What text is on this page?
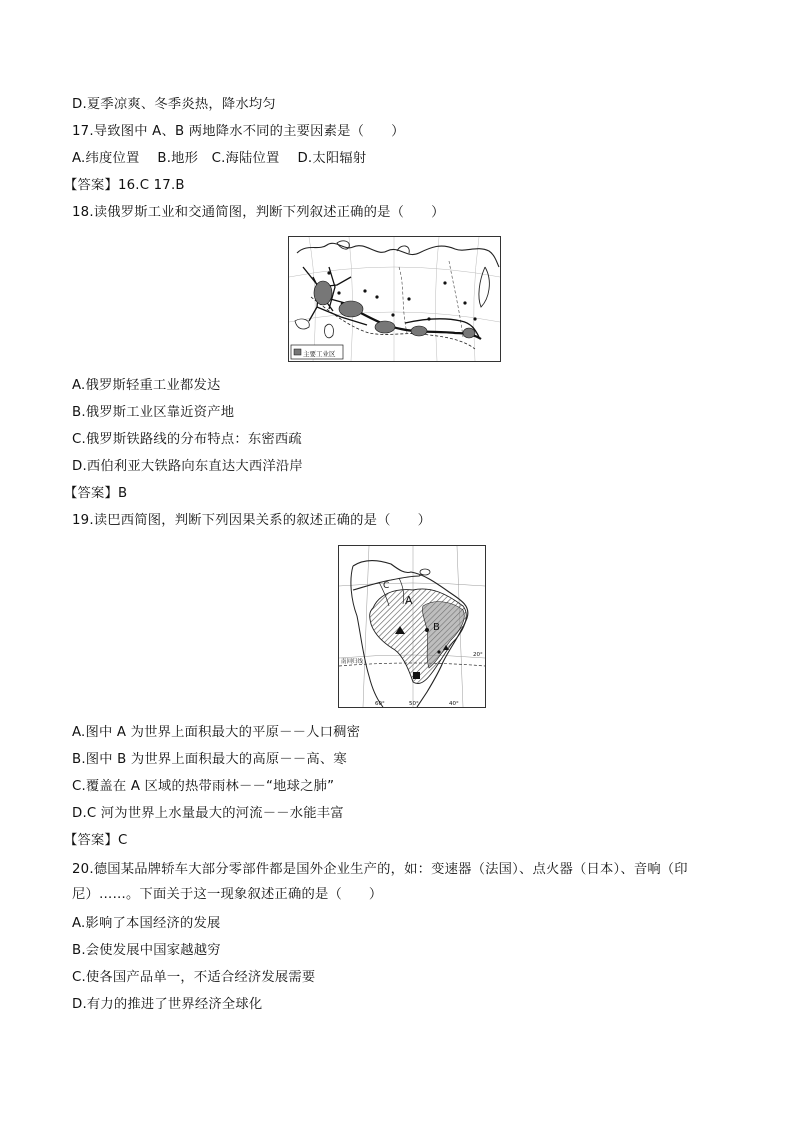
D.夏季凉爽、冬季炎热，降水均匀
17.导致图中 A、B 两地降水不同的主要因素是（　　）
A.纬度位置　 B.地形　C.海陆位置　 D.太阳辐射
【答案】16.C 17.B
18.读俄罗斯工业和交通简图，判断下列叙述正确的是（　　）
主要工业区
A.俄罗斯轻重工业都发达
B.俄罗斯工业区靠近资产地
C.俄罗斯铁路线的分布特点：东密西疏
D.西伯利亚大铁路向东直达大西洋沿岸
【答案】B
19.读巴西简图，判断下列因果关系的叙述正确的是（　　）
A
B
C
南回归线
60°	50°	40°
20°
A.图中 A 为世界上面积最大的平原－－人口稠密
B.图中 B 为世界上面积最大的高原－－高、寒
C.覆盖在 A 区域的热带雨林－－“地球之肺”
D.C 河为世界上水量最大的河流－－水能丰富
【答案】C
20.德国某品牌轿车大部分零部件都是国外企业生产的，如：变速器（法国）、点火器（日本）、音响（印尼）……。下面关于这一现象叙述正确的是（　　）
A.影响了本国经济的发展
B.会使发展中国家越越穷
C.使各国产品单一，不适合经济发展需要
D.有力的推进了世界经济全球化
